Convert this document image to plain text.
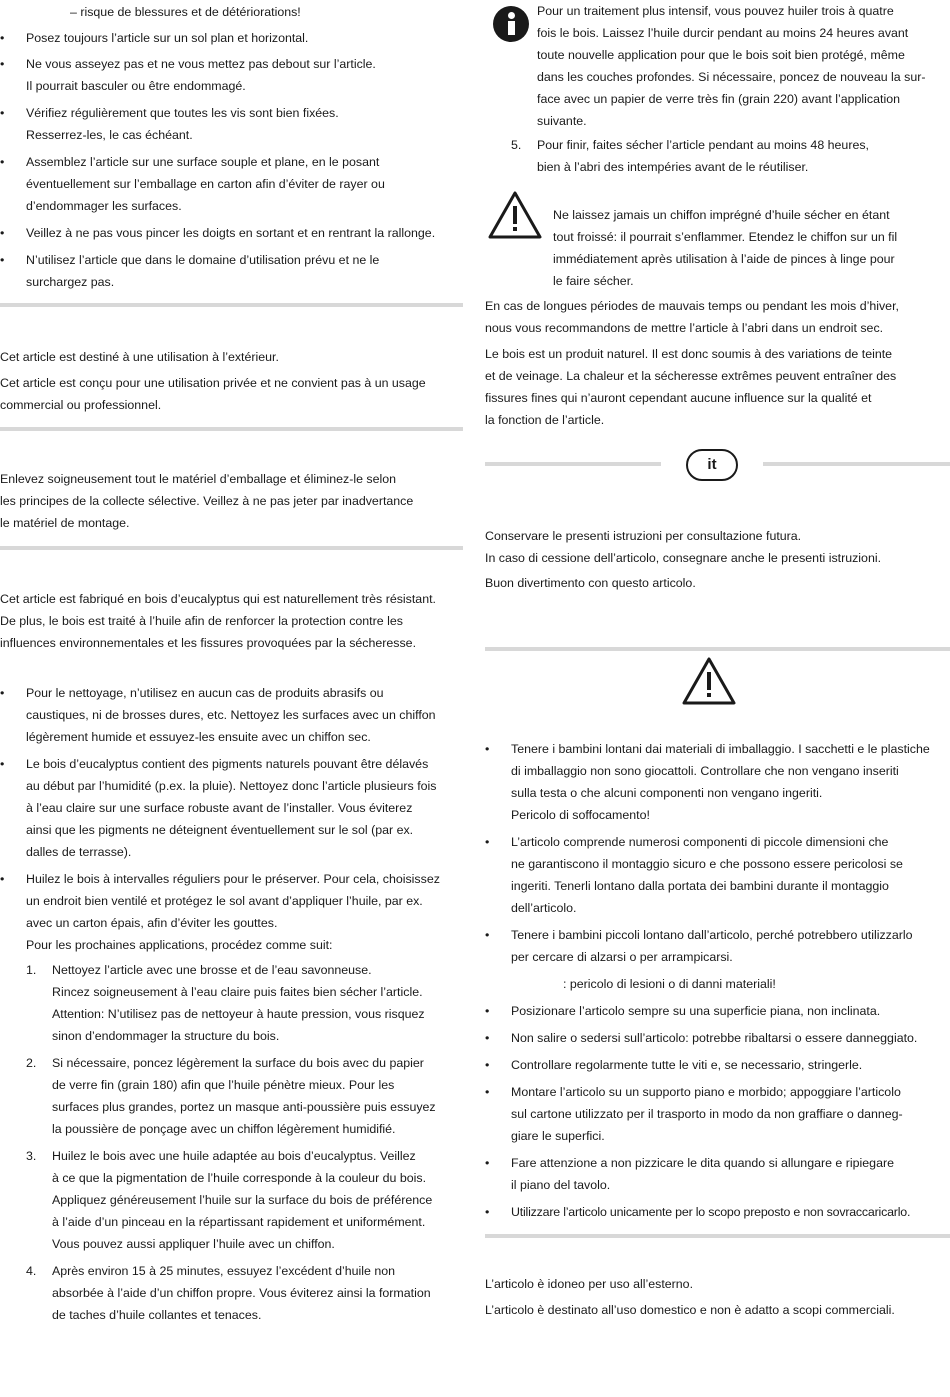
– risque de blessures et de détériorations!

• Posez toujours l’article sur un sol plan et horizontal.

• Ne vous asseyez pas et ne vous mettez pas debout sur l’article.
Il pourrait basculer ou être endommagé.

• Vérifiez régulièrement que toutes les vis sont bien fixées.
Resserrez-les, le cas échéant.

• Assemblez l’article sur une surface souple et plane, en le posant
éventuellement sur l’emballage en carton afin d’éviter de rayer ou
d’endommager les surfaces.

• Veillez à ne pas vous pincer les doigts en sortant et en rentrant la rallonge.

• N’utilisez l’article que dans le domaine d’utilisation prévu et ne le
surchargez pas.

Cet article est destiné à une utilisation à l’extérieur.

Cet article est conçu pour une utilisation privée et ne convient pas à un usage
commercial ou professionnel.

Enlevez soigneusement tout le matériel d’emballage et éliminez-le selon
les principes de la collecte sélective. Veillez à ne pas jeter par inadvertance
le matériel de montage.

Cet article est fabriqué en bois d’eucalyptus qui est naturellement très résistant.
De plus, le bois est traité à l’huile afin de renforcer la protection contre les
influences environnementales et les fissures provoquées par la sécheresse.

• Pour le nettoyage, n’utilisez en aucun cas de produits abrasifs ou
caustiques, ni de brosses dures, etc. Nettoyez les surfaces avec un chiffon
légèrement humide et essuyez-les ensuite avec un chiffon sec.

• Le bois d’eucalyptus contient des pigments naturels pouvant être délavés
au début par l’humidité (p.ex. la pluie). Nettoyez donc l’article plusieurs fois
à l’eau claire sur une surface robuste avant de l’installer. Vous éviterez
ainsi que les pigments ne déteignent éventuellement sur le sol (par ex.
dalles de terrasse).

• Huilez le bois à intervalles réguliers pour le préserver. Pour cela, choisissez
un endroit bien ventilé et protégez le sol avant d’appliquer l’huile, par ex.
avec un carton épais, afin d’éviter les gouttes.

Pour les prochaines applications, procédez comme suit:

1. Nettoyez l’article avec une brosse et de l’eau savonneuse.
Rincez soigneusement à l’eau claire puis faites bien sécher l’article.
Attention: N’utilisez pas de nettoyeur à haute pression, vous risquez
sinon d’endommager la structure du bois.

2. Si nécessaire, poncez légèrement la surface du bois avec du papier
de verre fin (grain 180) afin que l’huile pénètre mieux. Pour les
surfaces plus grandes, portez un masque anti-poussière puis essuyez
la poussière de ponçage avec un chiffon légèrement humidifié.

3. Huilez le bois avec une huile adaptée au bois d’eucalyptus. Veillez
à ce que la pigmentation de l’huile corresponde à la couleur du bois.
Appliquez généreusement l’huile sur la surface du bois de préférence
à l’aide d’un pinceau en la répartissant rapidement et uniformément.
Vous pouvez aussi appliquer l’huile avec un chiffon.

4. Après environ 15 à 25 minutes, essuyez l’excédent d’huile non
absorbée à l’aide d’un chiffon propre. Vous éviterez ainsi la formation
de taches d’huile collantes et tenaces.

Pour un traitement plus intensif, vous pouvez huiler trois à quatre
fois le bois. Laissez l’huile durcir pendant au moins 24 heures avant
toute nouvelle application pour que le bois soit bien protégé, même
dans les couches profondes. Si nécessaire, poncez de nouveau la sur-
face avec un papier de verre très fin (grain 220) avant l’application
suivante.

5. Pour finir, faites sécher l’article pendant au moins 48 heures,
bien à l’abri des intempéries avant de le réutiliser.

Ne laissez jamais un chiffon imprégné d’huile sécher en étant
tout froissé: il pourrait s’enflammer. Etendez le chiffon sur un fil
immédiatement après utilisation à l’aide de pinces à linge pour
le faire sécher.

En cas de longues périodes de mauvais temps ou pendant les mois d’hiver,
nous vous recommandons de mettre l’article à l’abri dans un endroit sec.

Le bois est un produit naturel. Il est donc soumis à des variations de teinte
et de veinage. La chaleur et la sécheresse extrêmes peuvent entraîner des
fissures fines qui n’auront cependant aucune influence sur la qualité et
la fonction de l’article.

it

Conservare le presenti istruzioni per consultazione futura.
In caso di cessione dell’articolo, consegnare anche le presenti istruzioni.

Buon divertimento con questo articolo.

• Tenere i bambini lontani dai materiali di imballaggio. I sacchetti e le plastiche
di imballaggio non sono giocattoli. Controllare che non vengano inseriti
sulla testa o che alcuni componenti non vengano ingeriti.
Pericolo di soffocamento!

• L’articolo comprende numerosi componenti di piccole dimensioni che
ne garantiscono il montaggio sicuro e che possono essere pericolosi se
ingeriti. Tenerli lontano dalla portata dei bambini durante il montaggio
dell’articolo.

• Tenere i bambini piccoli lontano dall’articolo, perché potrebbero utilizzarlo
per cercare di alzarsi o per arrampicarsi.

: pericolo di lesioni o di danni materiali!

• Posizionare l’articolo sempre su una superficie piana, non inclinata.

• Non salire o sedersi sull’articolo: potrebbe ribaltarsi o essere danneggiato.

• Controllare regolarmente tutte le viti e, se necessario, stringerle.

• Montare l’articolo su un supporto piano e morbido; appoggiare l’articolo
sul cartone utilizzato per il trasporto in modo da non graffiare o danneg-
giare le superfici.

• Fare attenzione a non pizzicare le dita quando si allungare e ripiegare
il piano del tavolo.

• Utilizzare l’articolo unicamente per lo scopo preposto e non sovraccaricarlo.

L’articolo è idoneo per uso all’esterno.

L’articolo è destinato all’uso domestico e non è adatto a scopi commerciali.
